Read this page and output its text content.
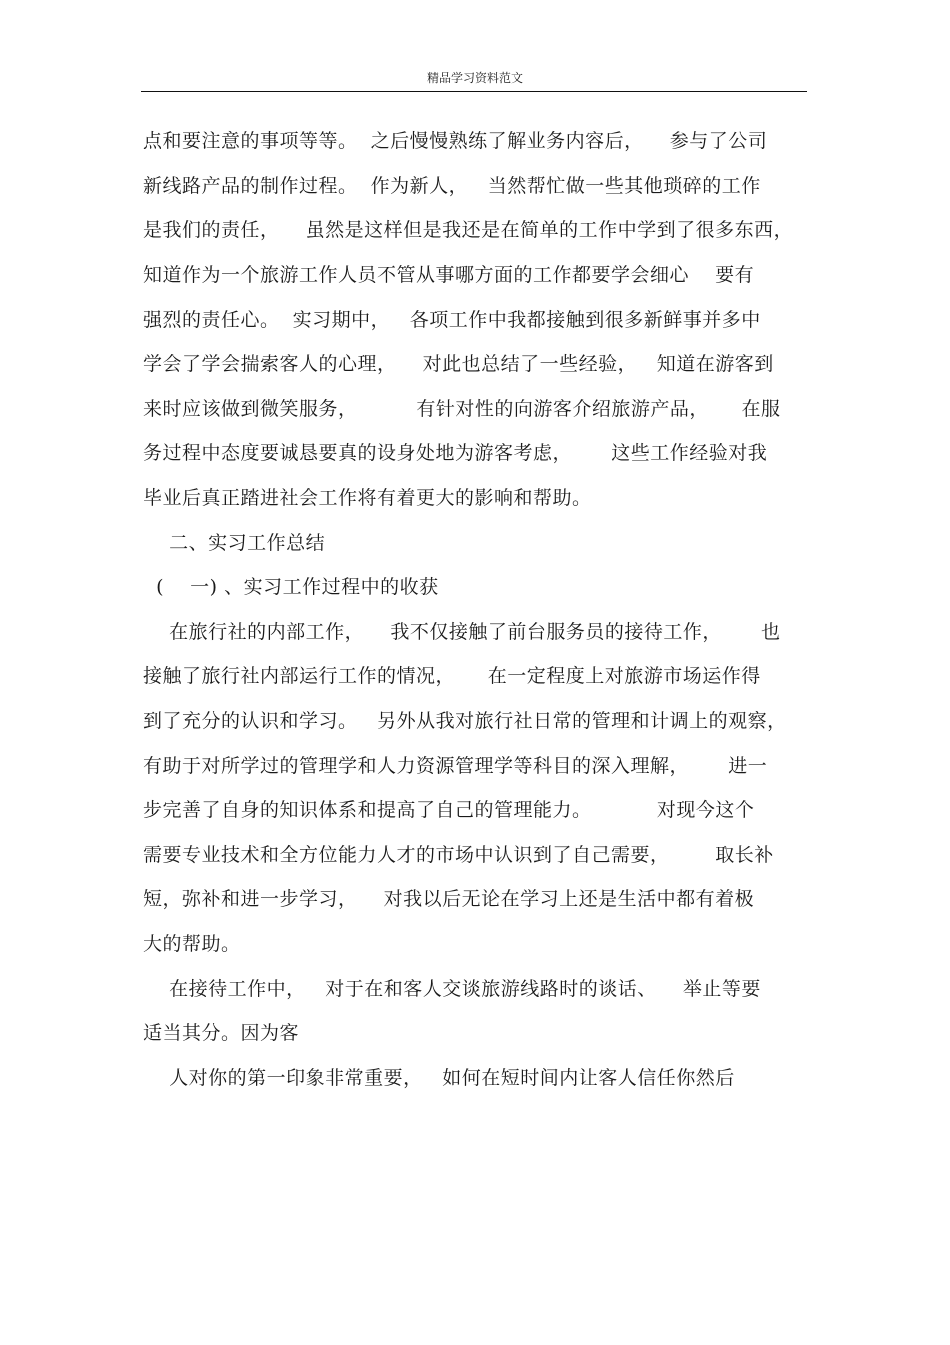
精品学习资料范文
点和要注意的事项等等。  之后慢慢熟练了解业务内容后，    参与了公司
新线路产品的制作过程。  作为新人，   当然帮忙做一些其他琐碎的工作
是我们的责任，    虽然是这样但是我还是在简单的工作中学到了很多东西，
知道作为一个旅游工作人员不管从事哪方面的工作都要学会细心    要有
强烈的责任心。  实习期中，   各项工作中我都接触到很多新鲜事并多中
学会了学会揣索客人的心理，    对此也总结了一些经验，   知道在游客到
来时应该做到微笑服务，         有针对性的向游客介绍旅游产品，     在服
务过程中态度要诚恳要真的设身处地为游客考虑，      这些工作经验对我
毕业后真正踏进社会工作将有着更大的影响和帮助。
二、实习工作总结
(    一) 、实习工作过程中的收获
在旅行社的内部工作，    我不仅接触了前台服务员的接待工作，      也
接触了旅行社内部运行工作的情况，     在一定程度上对旅游市场运作得
到了充分的认识和学习。   另外从我对旅行社日常的管理和计调上的观察，
有助于对所学过的管理学和人力资源管理学等科目的深入理解，      进一
步完善了自身的知识体系和提高了自己的管理能力。          对现今这个
需要专业技术和全方位能力人才的市场中认识到了自己需要，       取长补
短，弥补和进一步学习，    对我以后无论在学习上还是生活中都有着极
大的帮助。
在接待工作中，   对于在和客人交谈旅游线路时的谈话、    举止等要
适当其分。因为客
人对你的第一印象非常重要，   如何在短时间内让客人信任你然后
